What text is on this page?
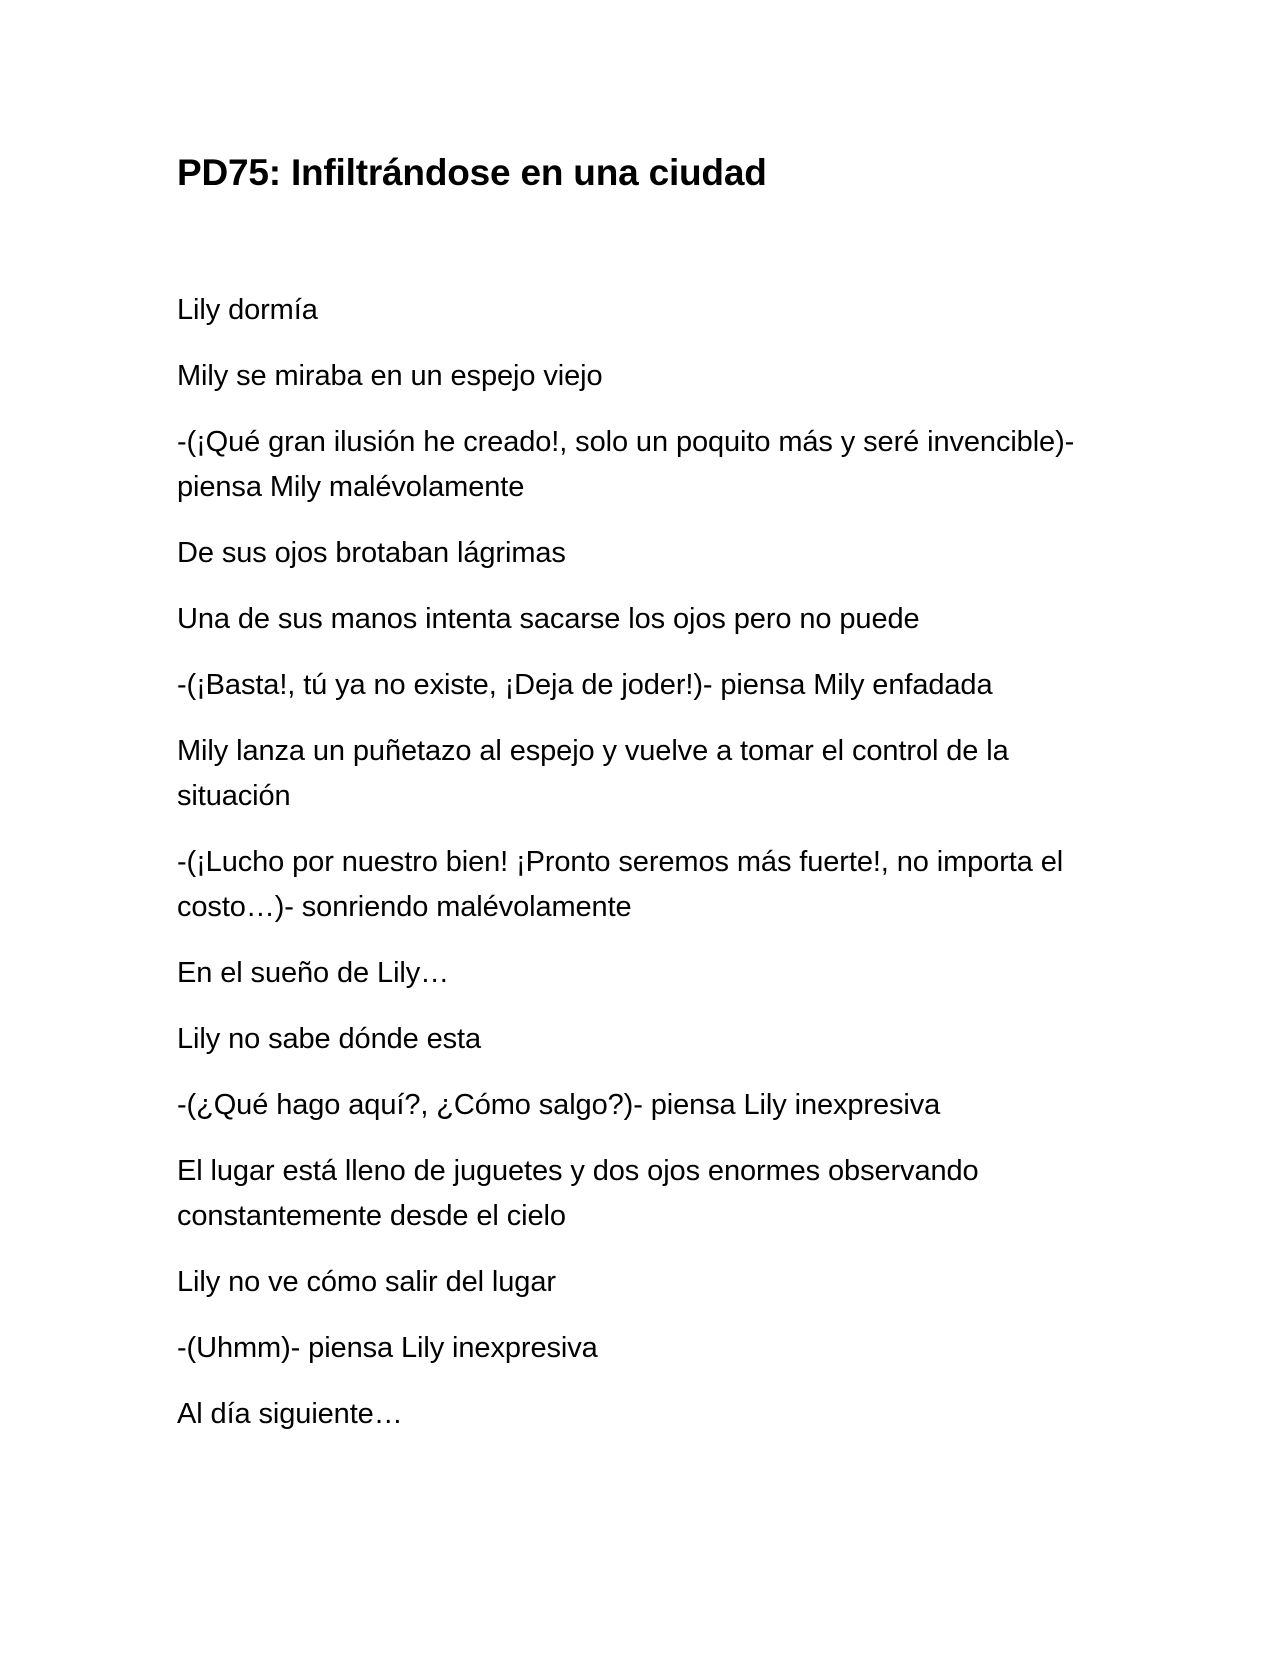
PD75: Infiltrándose en una ciudad

Lily dormía

Mily se miraba en un espejo viejo

-(¡Qué gran ilusión he creado!, solo un poquito más y seré invencible)- piensa Mily malévolamente

De sus ojos brotaban lágrimas

Una de sus manos intenta sacarse los ojos pero no puede

-(¡Basta!, tú ya no existe, ¡Deja de joder!)- piensa Mily enfadada

Mily lanza un puñetazo al espejo y vuelve a tomar el control de la situación

-(¡Lucho por nuestro bien! ¡Pronto seremos más fuerte!, no importa el costo…)- sonriendo malévolamente

En el sueño de Lily…

Lily no sabe dónde esta

-(¿Qué hago aquí?, ¿Cómo salgo?)- piensa Lily inexpresiva

El lugar está lleno de juguetes y dos ojos enormes observando constantemente desde el cielo

Lily no ve cómo salir del lugar

-(Uhmm)- piensa Lily inexpresiva

Al día siguiente…
